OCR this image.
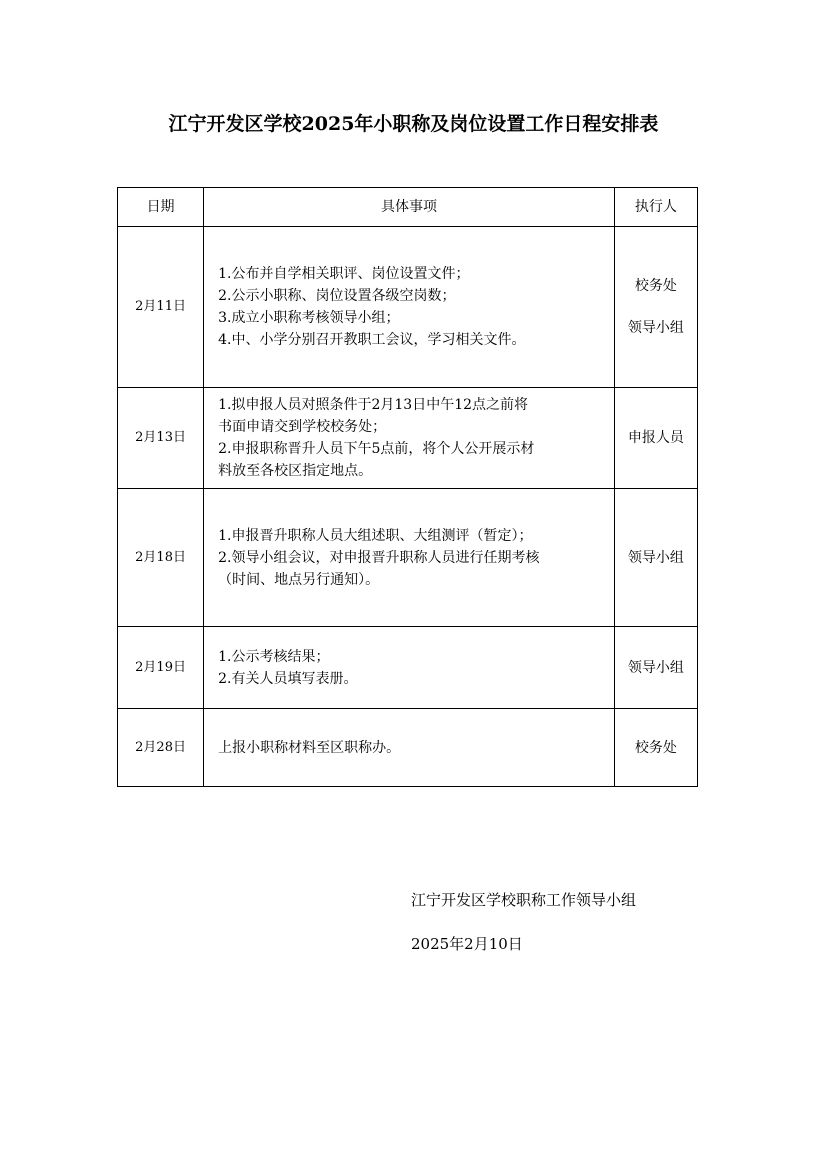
江宁开发区学校2025年小职称及岗位设置工作日程安排表
日期	具体事项	执行人
2月11日	1.公布并自学相关职评、岗位设置文件；
2.公示小职称、岗位设置各级空岗数；
3.成立小职称考核领导小组；
4.中、小学分别召开教职工会议，学习相关文件。	校务处
领导小组

2月13日	1.拟申报人员对照条件于2月13日中午12点之前将
书面申请交到学校校务处；
2.申报职称晋升人员下午5点前，将个人公开展示材
料放至各校区指定地点。	申报人员

2月18日	1.申报晋升职称人员大组述职、大组测评（暂定）；
2.领导小组会议，对申报晋升职称人员进行任期考核
（时间、地点另行通知）。	领导小组

2月19日	1.公示考核结果；
2.有关人员填写表册。	领导小组

2月28日	上报小职称材料至区职称办。	校务处
江宁开发区学校职称工作领导小组
2025年2月10日
